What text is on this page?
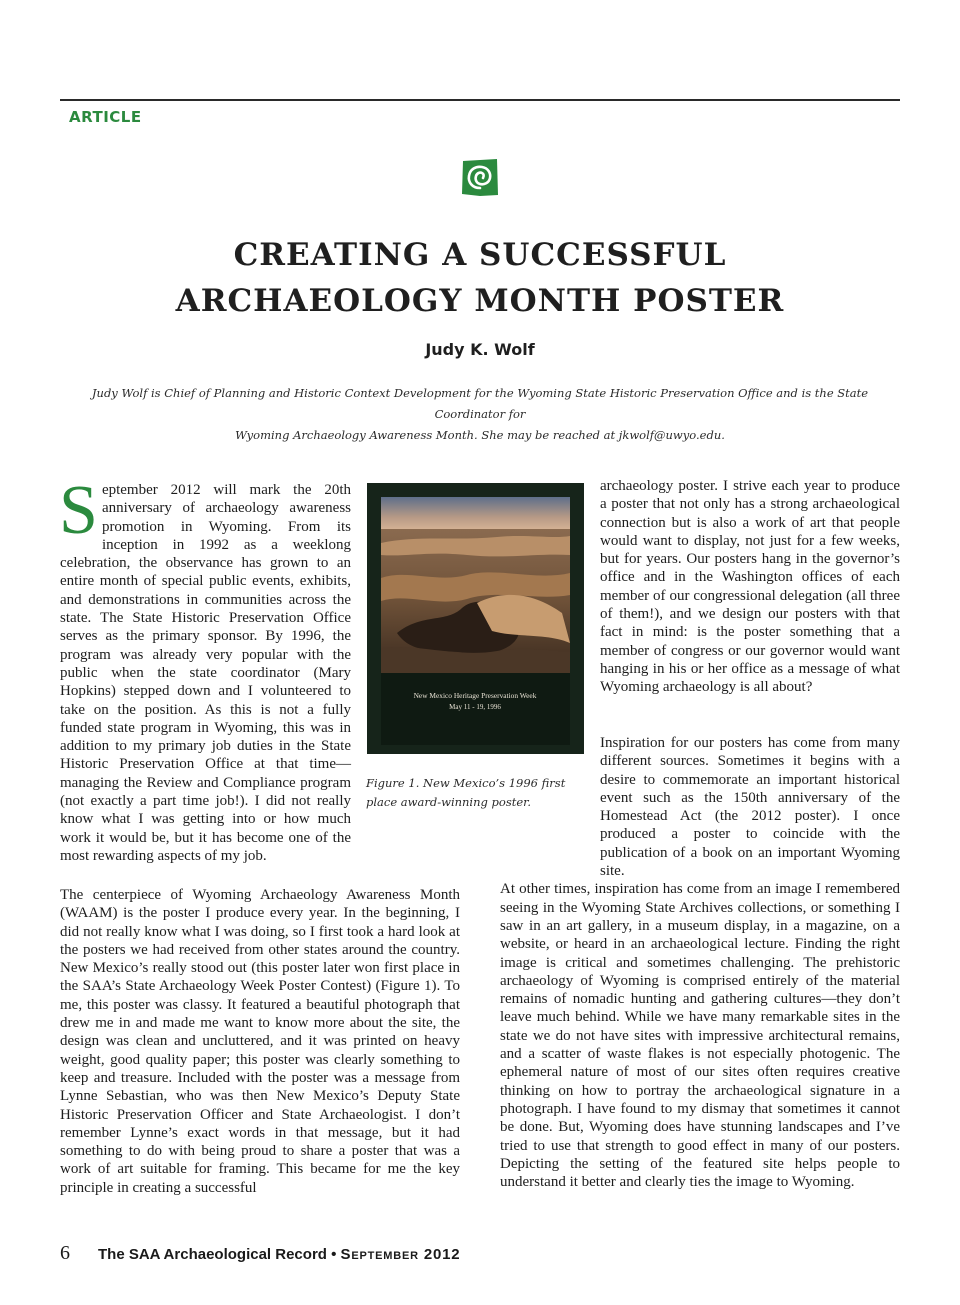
ARTICLE
CREATING A SUCCESSFUL
ARCHAEOLOGY MONTH POSTER
Judy K. Wolf
Judy Wolf is Chief of Planning and Historic Context Development for the Wyoming State Historic Preservation Office and is the State Coordinator for
Wyoming Archaeology Awareness Month. She may be reached at jkwolf@uwyo.edu.
S eptember 2012 will mark the 20th anniversary of archaeology awareness promotion in Wyoming. From its inception in 1992 as a weeklong celebration, the observance has grown to an entire month of special public events, exhibits, and demonstrations in communities across the state. The State Historic Preservation Office serves as the primary sponsor. By 1996, the program was already very popular with the public when the state coordinator (Mary Hopkins) stepped down and I volunteered to take on the position. As this is not a fully funded state program in Wyoming, this was in addition to my primary job duties in the State Historic Preservation Office at that time—managing the Review and Compliance program (not exactly a part time job!). I did not really know what I was getting into or how much work it would be, but it has become one of the most rewarding aspects of my job.
The centerpiece of Wyoming Archaeology Awareness Month (WAAM) is the poster I produce every year. In the beginning, I did not really know what I was doing, so I first took a hard look at the posters we had received from other states around the country. New Mexico’s really stood out (this poster later won first place in the SAA’s State Archaeology Week Poster Contest) (Figure 1). To me, this poster was classy. It featured a beautiful photograph that drew me in and made me want to know more about the site, the design was clean and uncluttered, and it was printed on heavy weight, good quality paper; this poster was clearly something to keep and treasure. Included with the poster was a message from Lynne Sebastian, who was then New Mexico’s Deputy State Historic Preservation Officer and State Archaeologist. I don’t remember Lynne’s exact words in that message, but it had something to do with being proud to share a poster that was a work of art suitable for framing. This became for me the key principle in creating a successful
archaeology poster. I strive each year to produce a poster that not only has a strong archaeological connection but is also a work of art that people would want to display, not just for a few weeks, but for years. Our posters hang in the governor’s office and in the Washington offices of each member of our congressional delegation (all three of them!), and we design our posters with that fact in mind: is the poster something that a member of congress or our governor would want hanging in his or her office as a message of what Wyoming archaeology is all about?
Inspiration for our posters has come from many different sources. Sometimes it begins with a desire to commemorate an important historical event such as the 150th anniversary of the Homestead Act (the 2012 poster). I once produced a poster to coincide with the publication of a book on an important Wyoming site.
At other times, inspiration has come from an image I remembered seeing in the Wyoming State Archives collections, or something I saw in an art gallery, in a museum display, in a magazine, on a website, or heard in an archaeological lecture. Finding the right image is critical and sometimes challenging. The prehistoric archaeology of Wyoming is comprised entirely of the material remains of nomadic hunting and gathering cultures—they don’t leave much behind. While we have many remarkable sites in the state we do not have sites with impressive architectural remains, and a scatter of waste flakes is not especially photogenic. The ephemeral nature of most of our sites often requires creative thinking on how to portray the archaeological signature in a photograph. I have found to my dismay that sometimes it cannot be done. But, Wyoming does have stunning landscapes and I’ve tried to use that strength to good effect in many of our posters. Depicting the setting of the featured site helps people to understand it better and clearly ties the image to Wyoming.
New Mexico Heritage Preservation Week
May 11 - 19, 1996
Figure 1. New Mexico’s 1996 first place award-winning poster.
6 The SAA Archaeological Record • September 2012
